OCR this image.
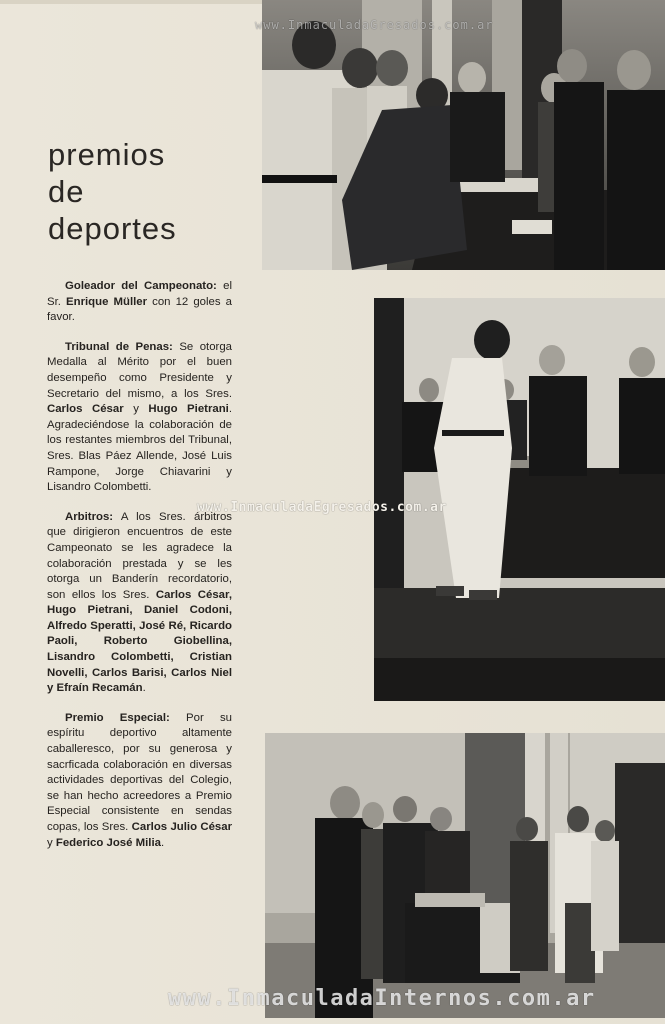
premios
de
deportes

Goleador del Campeonato: el Sr. Enrique Müller con 12 goles a favor.

Tribunal de Penas: Se otorga Medalla al Mérito por el buen desempeño como Presidente y Secretario del mismo, a los Sres. Carlos César y Hugo Pietrani. Agradeciéndose la colaboración de los restantes miembros del Tribunal, Sres. Blas Páez Allende, José Luis Rampone, Jorge Chiavarini y Lisandro Colombetti.

Arbitros: A los Sres. árbitros que dirigieron encuentros de este Campeonato se les agradece la colaboración prestada y se les otorga un Banderín recordatorio, son ellos los Sres. Carlos César, Hugo Pietrani, Daniel Codoni, Alfredo Speratti, José Ré, Ricardo Paoli, Roberto Giobellina, Lisandro Colombetti, Cristian Novelli, Carlos Barisi, Carlos Niel y Efraín Recamán.

Premio Especial: Por su espíritu deportivo altamente caballeresco, por su generosa y sacrficada colaboración en diversas actividades deportivas del Colegio, se han hecho acreedores a Premio Especial consistente en sendas copas, los Sres. Carlos Julio César y Federico José Milia.

www.InmaculadaGresados.com.ar
www.InmaculadaEgresados.com.ar
www.InmaculadaInternos.com.ar
